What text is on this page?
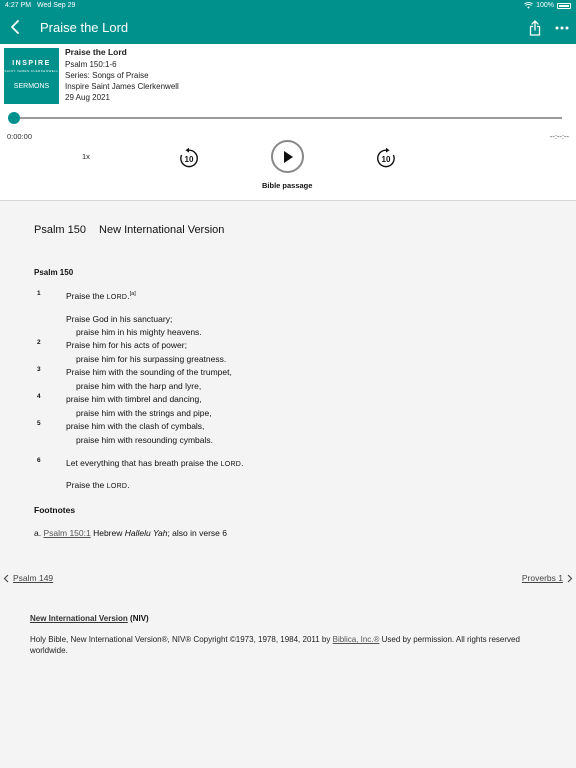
4:27 PM Wed Sep 29	100%
Praise the Lord
INSPIRE
SAINT JAMES CLERKENWELL
SERMONS
Praise the Lord
Psalm 150:1-6
Series: Songs of Praise
Inspire Saint James Clerkenwell
29 Aug 2021
0:00:00	--:--:--
1x	10	10
Bible passage
Psalm 150 New International Version
Psalm 150
1	Praise the LORD.[a]
Praise God in his sanctuary;
praise him in his mighty heavens.
2	Praise him for his acts of power;
praise him for his surpassing greatness.
3	Praise him with the sounding of the trumpet,
praise him with the harp and lyre,
4	praise him with timbrel and dancing,
praise him with the strings and pipe,
5	praise him with the clash of cymbals,
praise him with resounding cymbals.
6	Let everything that has breath praise the LORD.
Praise the LORD.
Footnotes
a. Psalm 150:1 Hebrew Hallelu Yah; also in verse 6
Psalm 149	Proverbs 1
New International Version (NIV)
Holy Bible, New International Version®, NIV® Copyright ©1973, 1978, 1984, 2011 by Biblica, Inc.® Used by permission. All rights reserved worldwide.
